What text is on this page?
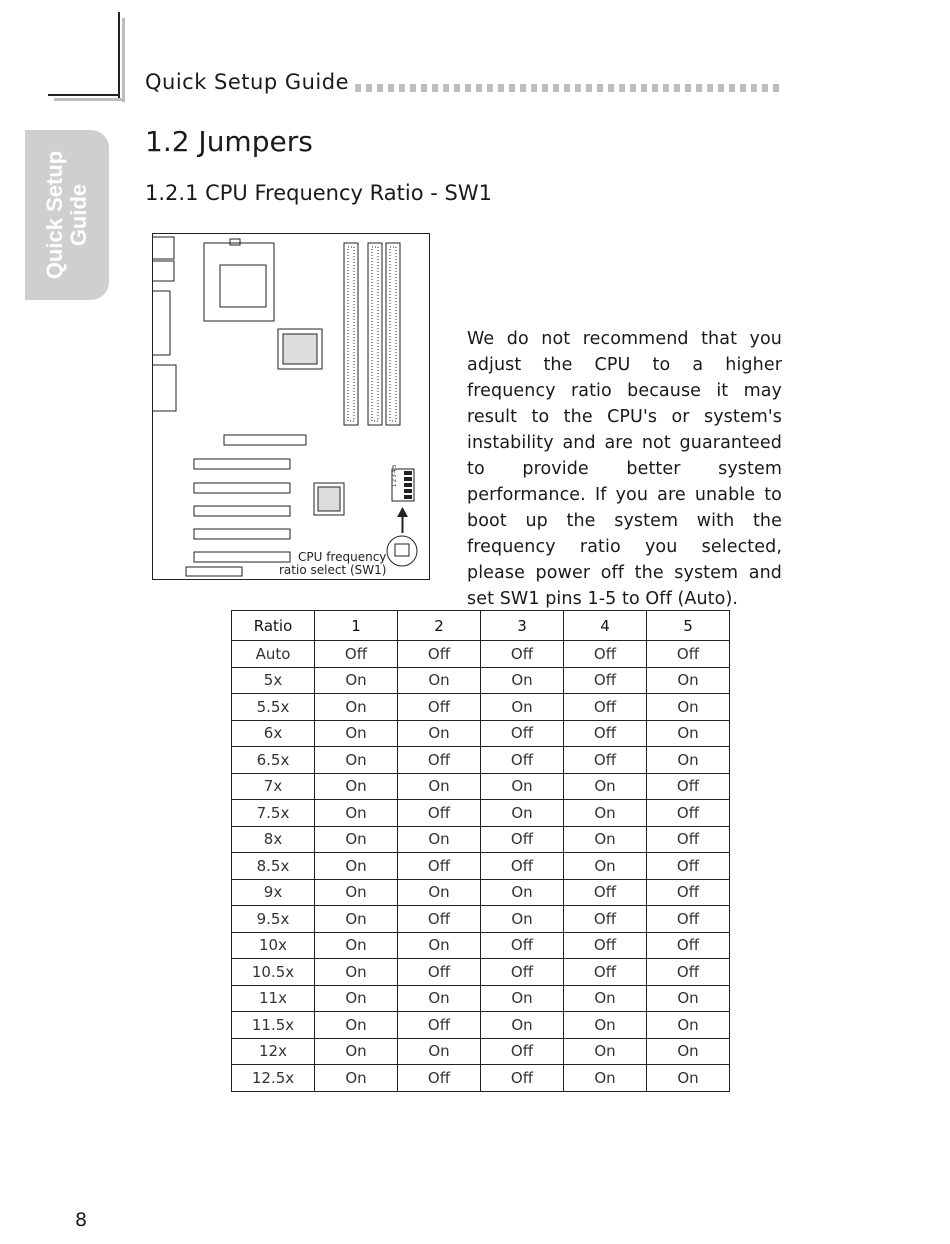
Quick Setup Guide
Quick Setup
Guide
1.2 Jumpers
1.2.1 CPU Frequency Ratio - SW1
1 2 3 4 5
CPU frequency
ratio select (SW1)
We do not recommend that you adjust the CPU to a higher frequency ratio because it may result to the CPU's or system's instability and are not guaranteed to provide better system performance. If you are unable to boot up the system with the frequency ratio you selected, please power off the system and set SW1 pins 1-5 to Off (Auto).
Ratio	1	2	3	4	5
Auto	Off	Off	Off	Off	Off
5x	On	On	On	Off	On
5.5x	On	Off	On	Off	On
6x	On	On	Off	Off	On
6.5x	On	Off	Off	Off	On
7x	On	On	On	On	Off
7.5x	On	Off	On	On	Off
8x	On	On	Off	On	Off
8.5x	On	Off	Off	On	Off
9x	On	On	On	Off	Off
9.5x	On	Off	On	Off	Off
10x	On	On	Off	Off	Off
10.5x	On	Off	Off	Off	Off
11x	On	On	On	On	On
11.5x	On	Off	On	On	On
12x	On	On	Off	On	On
12.5x	On	Off	Off	On	On
8
